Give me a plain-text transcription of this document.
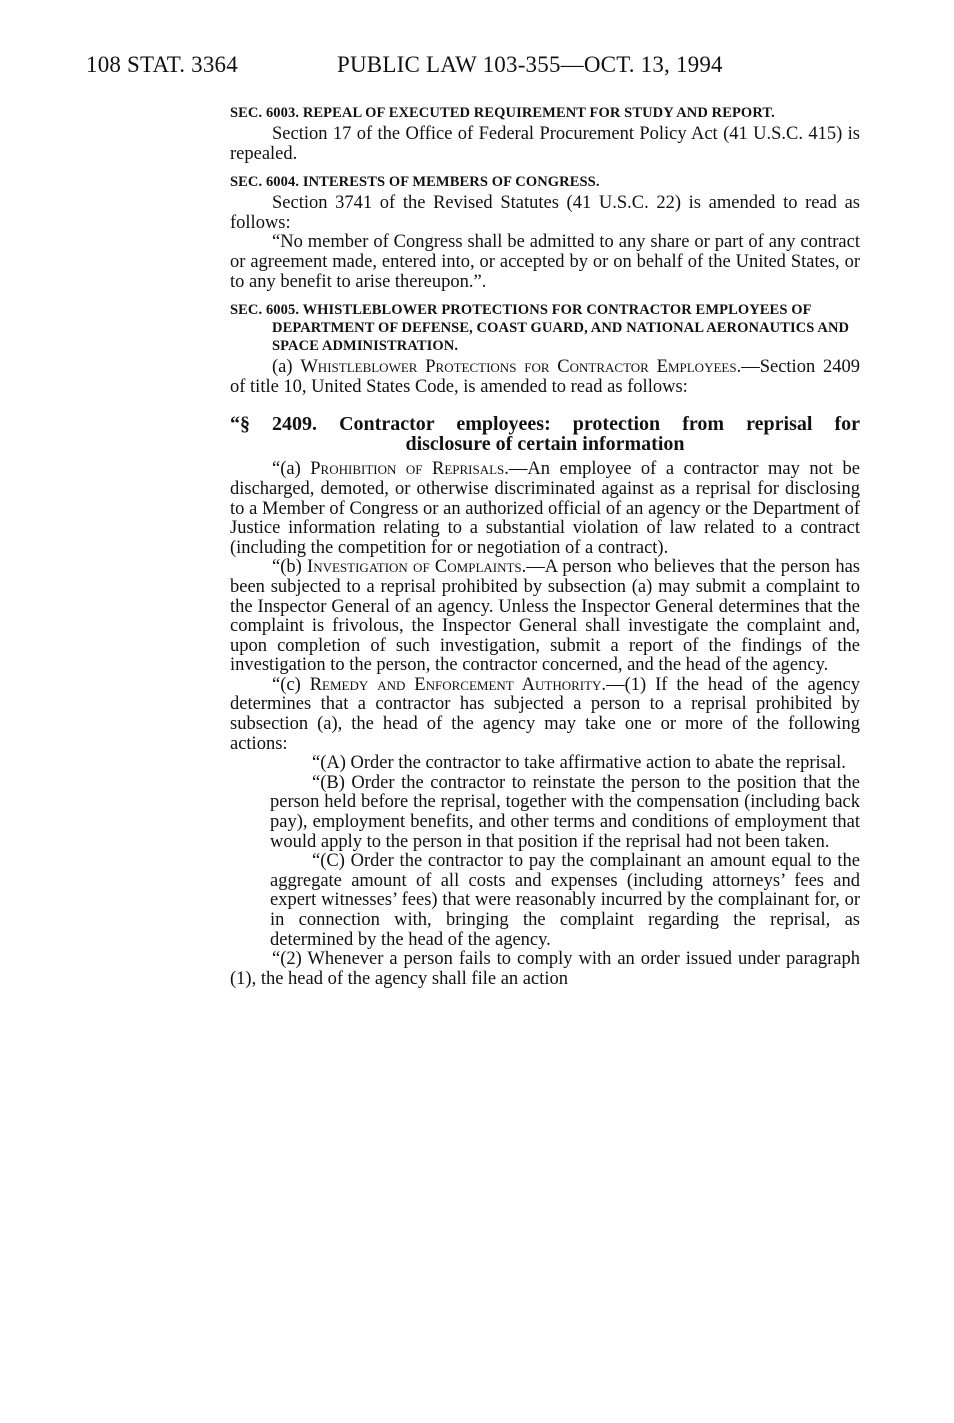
108 STAT. 3364	PUBLIC LAW 103-355—OCT. 13, 1994
SEC. 6003. REPEAL OF EXECUTED REQUIREMENT FOR STUDY AND REPORT.

Section 17 of the Office of Federal Procurement Policy Act (41 U.S.C. 415) is repealed.

SEC. 6004. INTERESTS OF MEMBERS OF CONGRESS.

Section 3741 of the Revised Statutes (41 U.S.C. 22) is amended to read as follows:

“No member of Congress shall be admitted to any share or part of any contract or agreement made, entered into, or accepted by or on behalf of the United States, or to any benefit to arise thereupon.”.

SEC. 6005. WHISTLEBLOWER PROTECTIONS FOR CONTRACTOR EMPLOYEES OF DEPARTMENT OF DEFENSE, COAST GUARD, AND NATIONAL AERONAUTICS AND SPACE ADMINISTRATION.

(a) Whistleblower Protections for Contractor Employees.—Section 2409 of title 10, United States Code, is amended to read as follows:

“§ 2409. Contractor employees: protection from reprisal for
disclosure of certain information

“(a) Prohibition of Reprisals.—An employee of a contractor may not be discharged, demoted, or otherwise discriminated against as a reprisal for disclosing to a Member of Congress or an authorized official of an agency or the Department of Justice information relating to a substantial violation of law related to a contract (including the competition for or negotiation of a contract).

“(b) Investigation of Complaints.—A person who believes that the person has been subjected to a reprisal prohibited by subsection (a) may submit a complaint to the Inspector General of an agency. Unless the Inspector General determines that the complaint is frivolous, the Inspector General shall investigate the complaint and, upon completion of such investigation, submit a report of the findings of the investigation to the person, the contractor concerned, and the head of the agency.

“(c) Remedy and Enforcement Authority.—(1) If the head of the agency determines that a contractor has subjected a person to a reprisal prohibited by subsection (a), the head of the agency may take one or more of the following actions:

“(A) Order the contractor to take affirmative action to abate the reprisal.

“(B) Order the contractor to reinstate the person to the position that the person held before the reprisal, together with the compensation (including back pay), employment benefits, and other terms and conditions of employment that would apply to the person in that position if the reprisal had not been taken.

“(C) Order the contractor to pay the complainant an amount equal to the aggregate amount of all costs and expenses (including attorneys’ fees and expert witnesses’ fees) that were reasonably incurred by the complainant for, or in connection with, bringing the complaint regarding the reprisal, as determined by the head of the agency.

“(2) Whenever a person fails to comply with an order issued under paragraph (1), the head of the agency shall file an action
